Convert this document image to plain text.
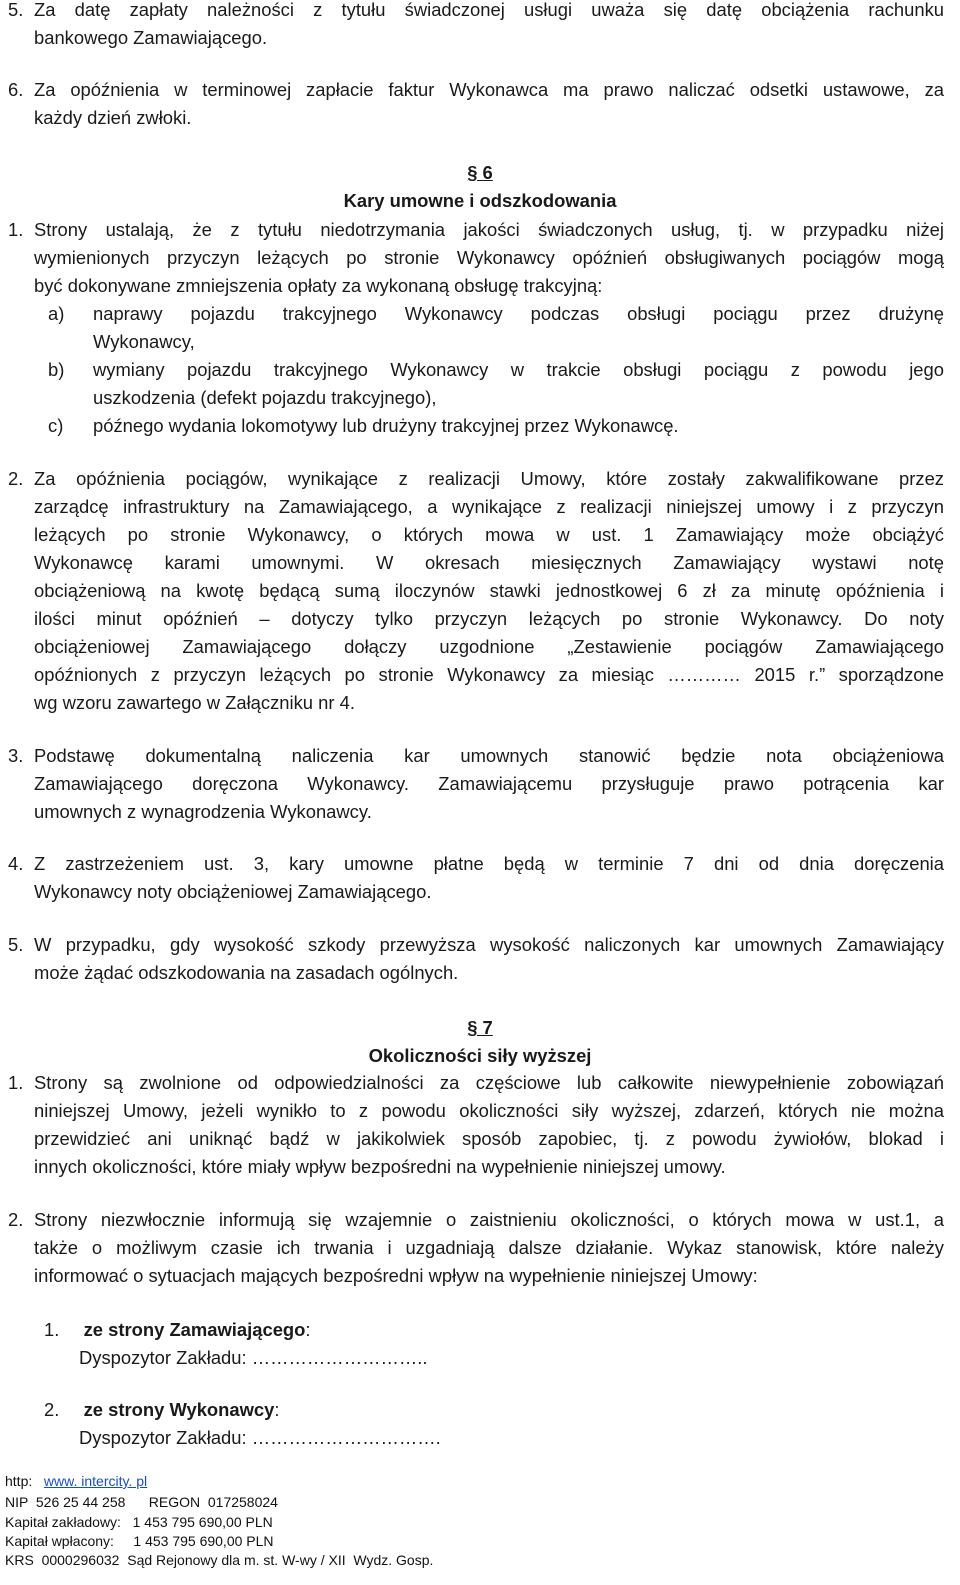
5. Za datę zapłaty należności z tytułu świadczonej usługi uważa się datę obciążenia rachunku
bankowego Zamawiającego.
6. Za opóźnienia w terminowej zapłacie faktur Wykonawca ma prawo naliczać odsetki ustawowe, za
każdy dzień zwłoki.
§ 6
Kary umowne i odszkodowania
1. Strony ustalają, że z tytułu niedotrzymania jakości świadczonych usług, tj. w przypadku niżej
wymienionych przyczyn leżących po stronie Wykonawcy opóźnień obsługiwanych pociągów mogą
być dokonywane zmniejszenia opłaty za wykonaną obsługę trakcyjną:
a) naprawy pojazdu trakcyjnego Wykonawcy podczas obsługi pociągu przez drużynę
Wykonawcy,
b) wymiany pojazdu trakcyjnego Wykonawcy w trakcie obsługi pociągu z powodu jego
uszkodzenia (defekt pojazdu trakcyjnego),
c) późnego wydania lokomotywy lub drużyny trakcyjnej przez Wykonawcę.
2. Za opóźnienia pociągów, wynikające z realizacji Umowy, które zostały zakwalifikowane przez
zarządcę infrastruktury na Zamawiającego, a wynikające z realizacji niniejszej umowy i z przyczyn
leżących po stronie Wykonawcy, o których mowa w ust. 1 Zamawiający może obciążyć
Wykonawcę karami umownymi. W okresach miesięcznych Zamawiający wystawi notę
obciążeniową na kwotę będącą sumą iloczynów stawki jednostkowej 6 zł za minutę opóźnienia i
ilości minut opóźnień – dotyczy tylko przyczyn leżących po stronie Wykonawcy. Do noty
obciążeniowej Zamawiającego dołączy uzgodnione „Zestawienie pociągów Zamawiającego
opóźnionych z przyczyn leżących po stronie Wykonawcy za miesiąc ………… 2015 r.” sporządzone
wg wzoru zawartego w Załączniku nr 4.
3. Podstawę dokumentalną naliczenia kar umownych stanowić będzie nota obciążeniowa
Zamawiającego doręczona Wykonawcy. Zamawiającemu przysługuje prawo potrącenia kar
umownych z wynagrodzenia Wykonawcy.
4. Z zastrzeżeniem ust. 3, kary umowne płatne będą w terminie 7 dni od dnia doręczenia
Wykonawcy noty obciążeniowej Zamawiającego.
5. W przypadku, gdy wysokość szkody przewyższa wysokość naliczonych kar umownych Zamawiający
może żądać odszkodowania na zasadach ogólnych.
§ 7
Okoliczności siły wyższej
1. Strony są zwolnione od odpowiedzialności za częściowe lub całkowite niewypełnienie zobowiązań
niniejszej Umowy, jeżeli wynikło to z powodu okoliczności siły wyższej, zdarzeń, których nie można
przewidzieć ani uniknąć bądź w jakikolwiek sposób zapobiec, tj. z powodu żywiołów, blokad i
innych okoliczności, które miały wpływ bezpośredni na wypełnienie niniejszej umowy.
2. Strony niezwłocznie informują się wzajemnie o zaistnieniu okoliczności, o których mowa w ust.1, a
także o możliwym czasie ich trwania i uzgadniają dalsze działanie. Wykaz stanowisk, które należy
informować o sytuacjach mających bezpośredni wpływ na wypełnienie niniejszej Umowy:
1. ze strony Zamawiającego:
Dyspozytor Zakładu: ………………………..
2. ze strony Wykonawcy:
Dyspozytor Zakładu: ………………………….
http: www. intercity. pl
NIP 526 25 44 258 REGON 017258024
Kapitał zakładowy: 1 453 795 690,00 PLN
Kapitał wpłacony: 1 453 795 690,00 PLN
KRS 0000296032 Sąd Rejonowy dla m. st. W-wy / XII  Wydz. Gosp.
